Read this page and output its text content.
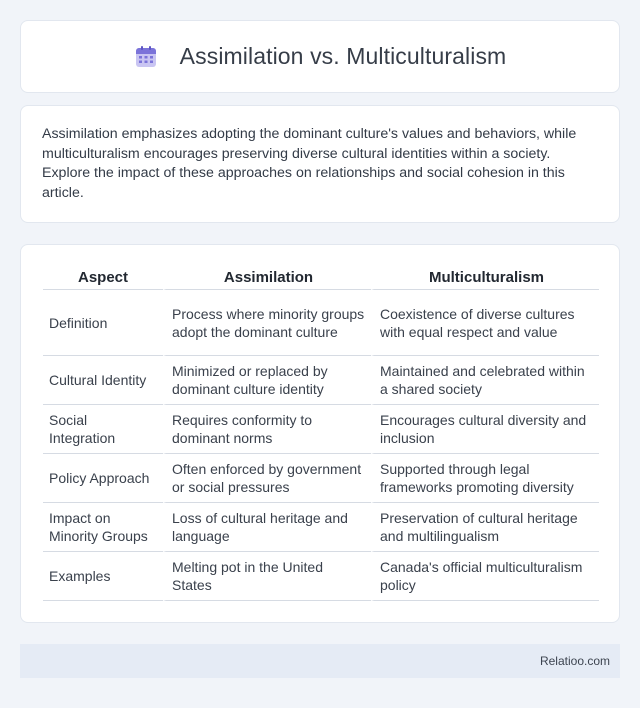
Assimilation vs. Multiculturalism

Assimilation emphasizes adopting the dominant culture's values and behaviors, while multiculturalism encourages preserving diverse cultural identities within a society. Explore the impact of these approaches on relationships and social cohesion in this article.

Aspect	Assimilation	Multiculturalism
Definition	Process where minority groups adopt the dominant culture	Coexistence of diverse cultures with equal respect and value
Cultural Identity	Minimized or replaced by dominant culture identity	Maintained and celebrated within a shared society
Social Integration	Requires conformity to dominant norms	Encourages cultural diversity and inclusion
Policy Approach	Often enforced by government or social pressures	Supported through legal frameworks promoting diversity
Impact on Minority Groups	Loss of cultural heritage and language	Preservation of cultural heritage and multilingualism
Examples	Melting pot in the United States	Canada's official multiculturalism policy
Relatioo.com
